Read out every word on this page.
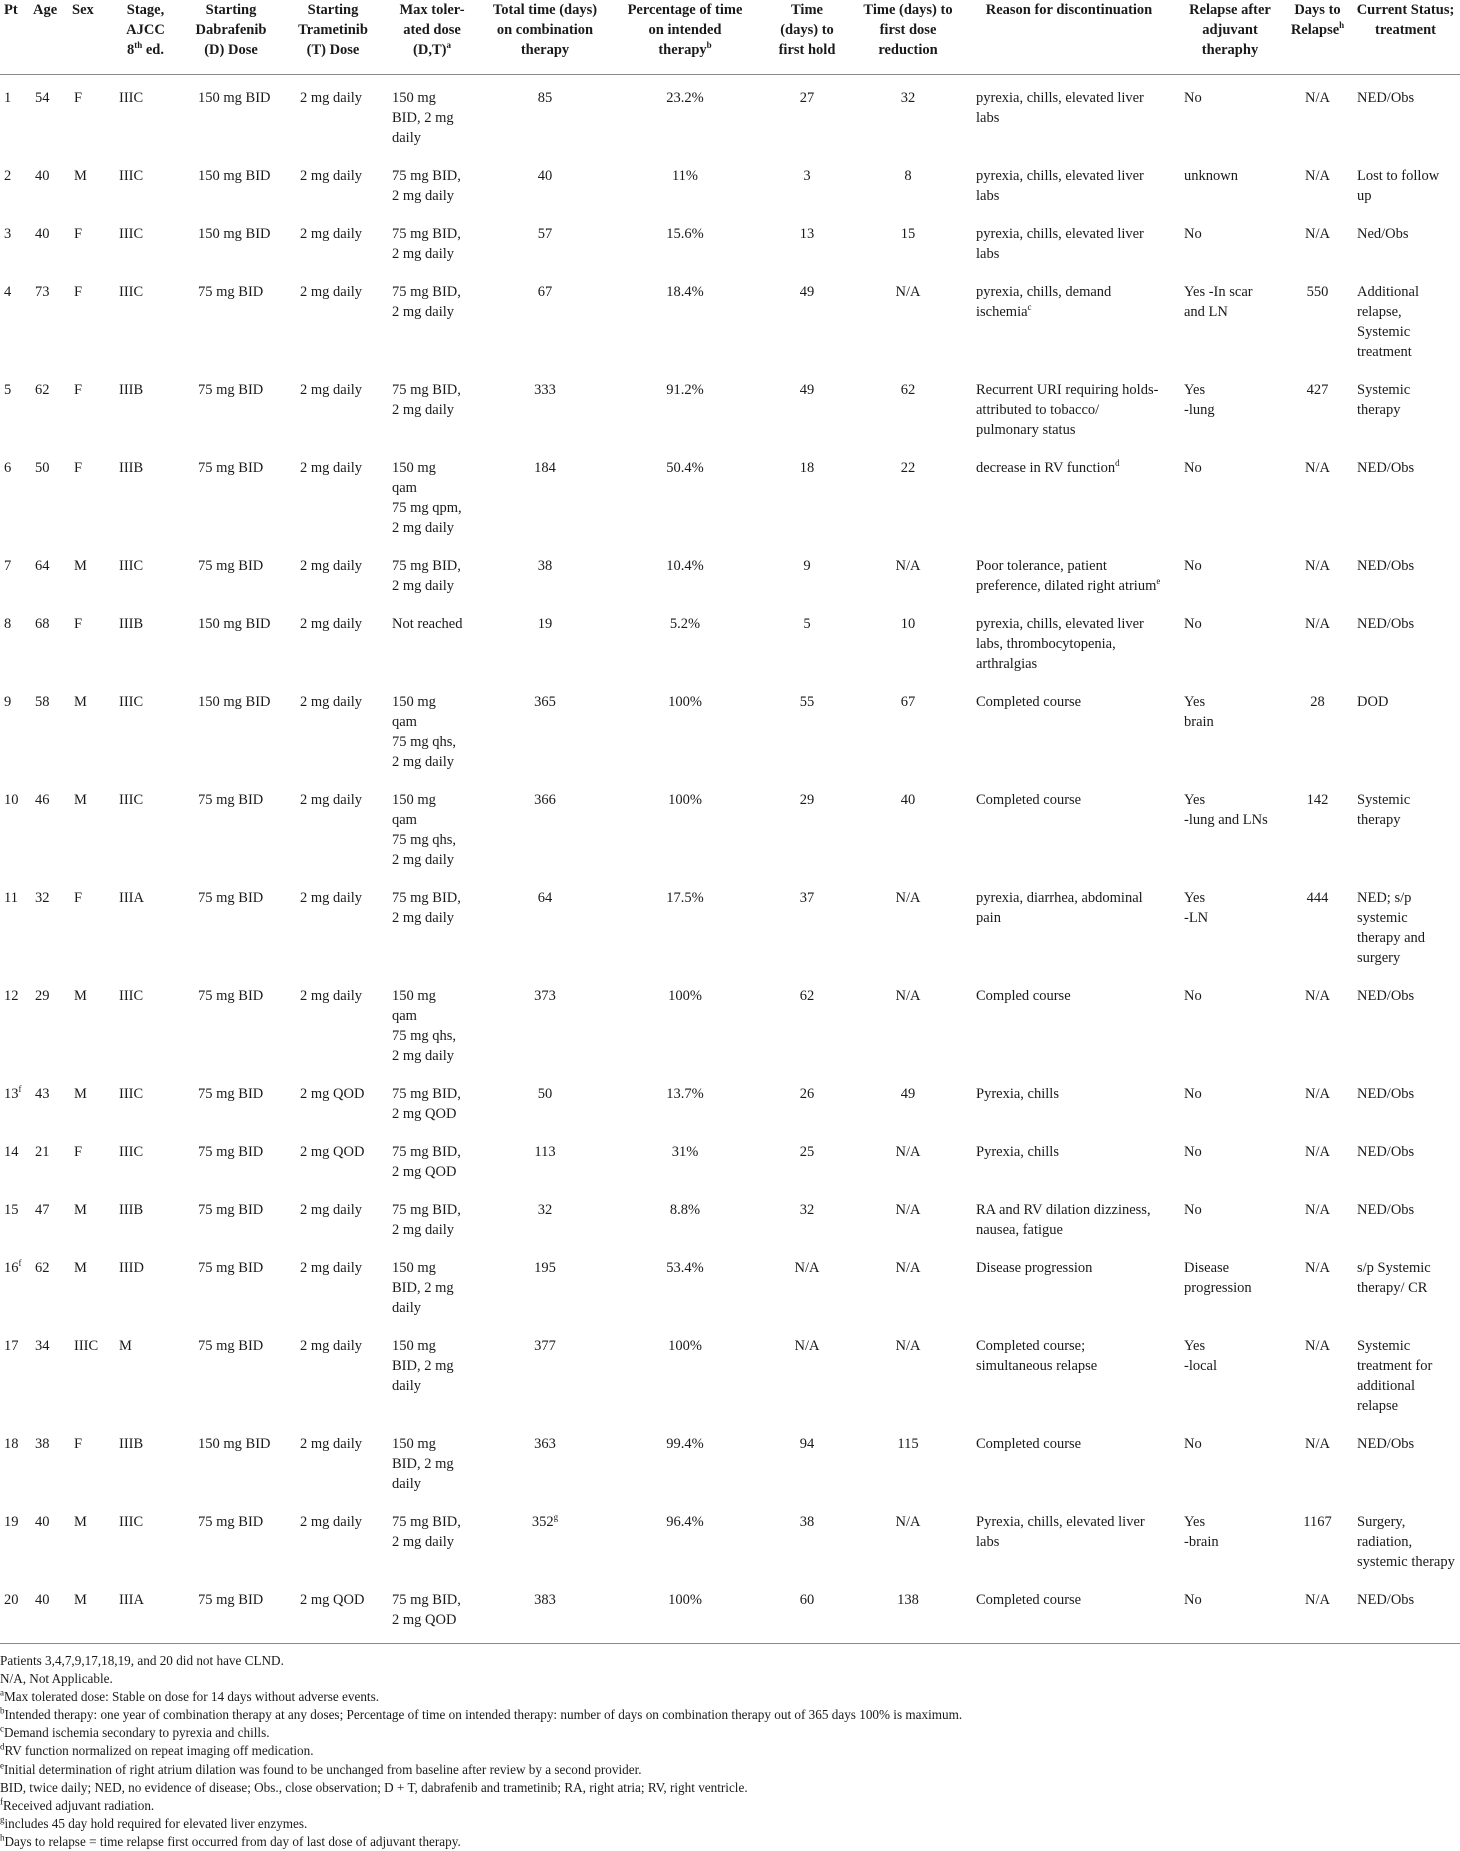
Pt	Age	Sex	Stage,
AJCC
8th ed.	Starting
Dabrafenib
(D) Dose	Starting
Trametinib
(T) Dose	Max toler-
ated dose
$(D,T)^a$	Total time (days)
on combination
therapy	Percentage of time
on intended
therapy$^b$	Time
(days) to
first hold	Time (days) to
first dose
reduction	Reason for discontinuation	Relapse after
adjuvant
theraphy	Days to
Relapse$^h$	Current Status;
treatment
1	54	F	IIIC	150 mg BID	2 mg daily	150 mg
BID, 2 mg
daily	85	23.2%	27	32	pyrexia, chills, elevated liver
labs	No	N/A	NED/Obs
2	40	M	IIIC	150 mg BID	2 mg daily	75 mg BID,
2 mg daily	40	11%	3	8	pyrexia, chills, elevated liver
labs	unknown	N/A	Lost to follow up
3	40	F	IIIC	150 mg BID	2 mg daily	75 mg BID,
2 mg daily	57	15.6%	13	15	pyrexia, chills, elevated liver
labs	No	N/A	Ned/Obs
4	73	F	IIIC	75 mg BID	2 mg daily	75 mg BID,
2 mg daily	67	18.4%	49	N/A	pyrexia, chills, demand
ischemia$^c$	Yes -In scar
and LN	550	Additional
relapse, Systemic
treatment
5	62	F	IIIB	75 mg BID	2 mg daily	75 mg BID,
2 mg daily	333	91.2%	49	62	Recurrent URI requiring holds-
attributed to tobacco/
pulmonary status	Yes
-lung	427	Systemic therapy
6	50	F	IIIB	75 mg BID	2 mg daily	150 mg
qam
75 mg qpm,
2 mg daily	184	50.4%	18	22	decrease in RV function$^d$	No	N/A	NED/Obs
7	64	M	IIIC	75 mg BID	2 mg daily	75 mg BID,
2 mg daily	38	10.4%	9	N/A	Poor tolerance, patient
preference, dilated right atrium$^e$	No	N/A	NED/Obs
8	68	F	IIIB	150 mg BID	2 mg daily	Not reached	19	5.2%	5	10	pyrexia, chills, elevated liver
labs, thrombocytopenia,
arthralgias	No	N/A	NED/Obs
9	58	M	IIIC	150 mg BID	2 mg daily	150 mg
qam
75 mg qhs,
2 mg daily	365	100%	55	67	Completed course	Yes
brain	28	DOD
10	46	M	IIIC	75 mg BID	2 mg daily	150 mg
qam
75 mg qhs,
2 mg daily	366	100%	29	40	Completed course	Yes
-lung and LNs	142	Systemic therapy
11	32	F	IIIA	75 mg BID	2 mg daily	75 mg BID,
2 mg daily	64	17.5%	37	N/A	pyrexia, diarrhea, abdominal
pain	Yes
-LN	444	NED; s/p systemic
therapy and
surgery
12	29	M	IIIC	75 mg BID	2 mg daily	150 mg
qam
75 mg qhs,
2 mg daily	373	100%	62	N/A	Compled course	No	N/A	NED/Obs
13$^f$	43	M	IIIC	75 mg BID	2 mg QOD	75 mg BID,
2 mg QOD	50	13.7%	26	49	Pyrexia, chills	No	N/A	NED/Obs
14	21	F	IIIC	75 mg BID	2 mg QOD	75 mg BID,
2 mg QOD	113	31%	25	N/A	Pyrexia, chills	No	N/A	NED/Obs
15	47	M	IIIB	75 mg BID	2 mg daily	75 mg BID,
2 mg daily	32	8.8%	32	N/A	RA and RV dilation dizziness,
nausea, fatigue	No	N/A	NED/Obs
16$^f$	62	M	IIID	75 mg BID	2 mg daily	150 mg
BID, 2 mg
daily	195	53.4%	N/A	N/A	Disease progression	Disease
progression	N/A	s/p Systemic
therapy/ CR
17	34	IIIC	M	75 mg BID	2 mg daily	150 mg
BID, 2 mg
daily	377	100%	N/A	N/A	Completed course;
simultaneous relapse	Yes
-local	N/A	Systemic
treatment for
additional relapse
18	38	F	IIIB	150 mg BID	2 mg daily	150 mg
BID, 2 mg
daily	363	99.4%	94	115	Completed course	No	N/A	NED/Obs
19	40	M	IIIC	75 mg BID	2 mg daily	75 mg BID,
2 mg daily	352$^g$	96.4%	38	N/A	Pyrexia, chills, elevated liver
labs	Yes
-brain	1167	Surgery, radiation,
systemic therapy
20	40	M	IIIA	75 mg BID	2 mg QOD	75 mg BID,
2 mg QOD	383	100%	60	138	Completed course	No	N/A	NED/Obs
Patients 3,4,7,9,17,18,19, and 20 did not have CLND.
N/A, Not Applicable.
$^a$Max tolerated dose: Stable on dose for 14 days without adverse events.
$^b$Intended therapy: one year of combination therapy at any doses; Percentage of time on intended therapy: number of days on combination therapy out of 365 days 100% is maximum.
$^c$Demand ischemia secondary to pyrexia and chills.
$^d$RV function normalized on repeat imaging off medication.
$^e$Initial determination of right atrium dilation was found to be unchanged from baseline after review by a second provider.
BID, twice daily; NED, no evidence of disease; Obs., close observation; D + T, dabrafenib and trametinib; RA, right atria; RV, right ventricle.
$^f$Received adjuvant radiation.
$^g$includes 45 day hold required for elevated liver enzymes.
$^h$Days to relapse = time relapse first occurred from day of last dose of adjuvant therapy.
